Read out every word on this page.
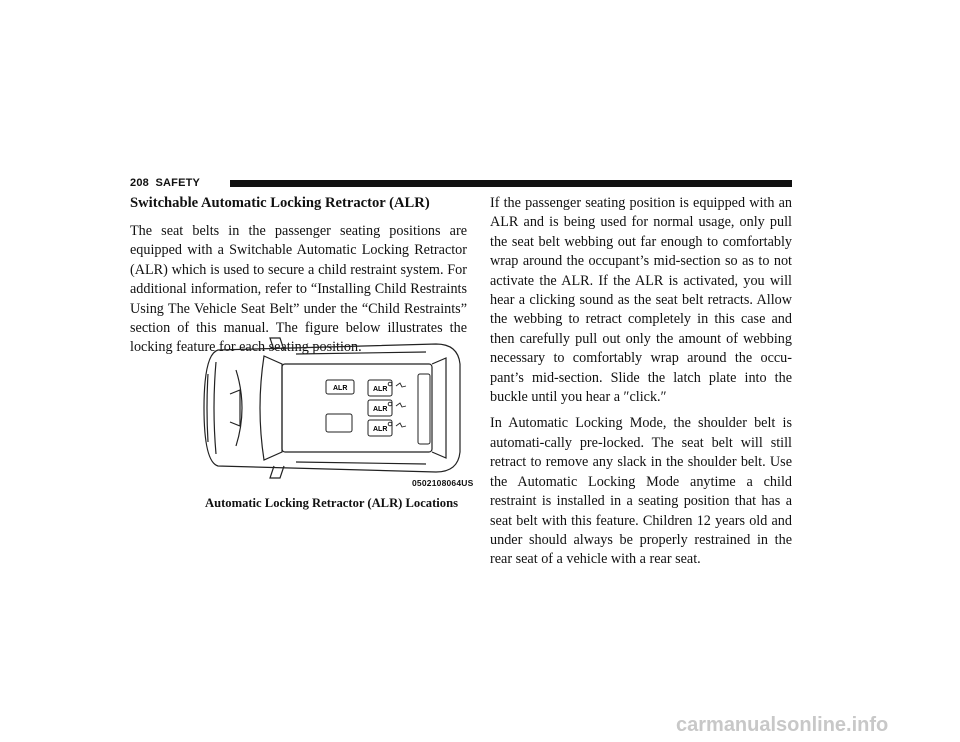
208 SAFETY
Switchable Automatic Locking Retractor (ALR)

The seat belts in the passenger seating positions are equipped with a Switchable Automatic Locking Retractor (ALR) which is used to secure a child restraint system. For additional information, refer to “Installing Child Restraints Using The Vehicle Seat Belt” under the “Child Restraints” section of this manual. The figure below illustrates the locking feature for each seating position.

ALR	ALR
ALR
ALR
0502108064US
Automatic Locking Retractor (ALR) Locations

If the passenger seating position is equipped with an ALR and is being used for normal usage, only pull the seat belt webbing out far enough to comfortably wrap around the occupant’s mid-section so as to not activate the ALR. If the ALR is activated, you will hear a clicking sound as the seat belt retracts. Allow the webbing to retract completely in this case and then carefully pull out only the amount of webbing necessary to comfortably wrap around the occu-pant’s mid-section. Slide the latch plate into the buckle until you hear a ″click.″

In Automatic Locking Mode, the shoulder belt is automati-cally pre-locked. The seat belt will still retract to remove any slack in the shoulder belt. Use the Automatic Locking Mode anytime a child restraint is installed in a seating position that has a seat belt with this feature. Children 12 years old and under should always be properly restrained in the rear seat of a vehicle with a rear seat.

carmanualsonline.info
